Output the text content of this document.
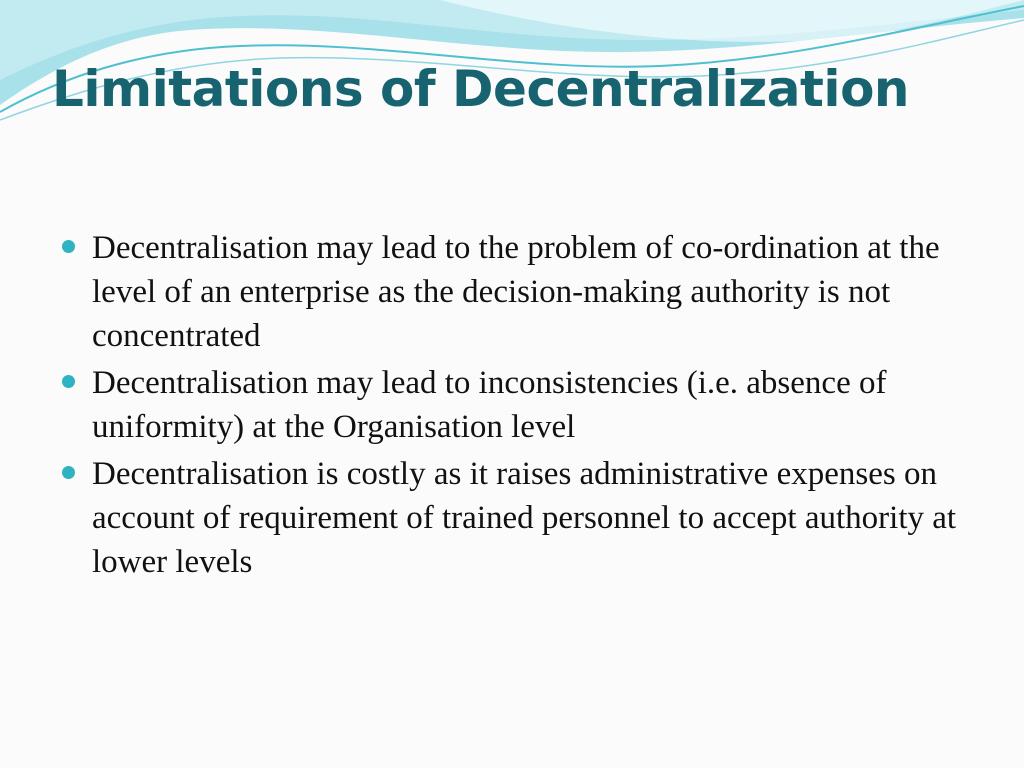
Limitations of Decentralization
Decentralisation may lead to the problem of co-ordination at the level of an enterprise as the decision-making authority is not concentrated
Decentralisation may lead to inconsistencies (i.e. absence of uniformity) at the Organisation level
Decentralisation is costly as it raises administrative expenses on account of requirement of trained personnel to accept authority at lower levels
